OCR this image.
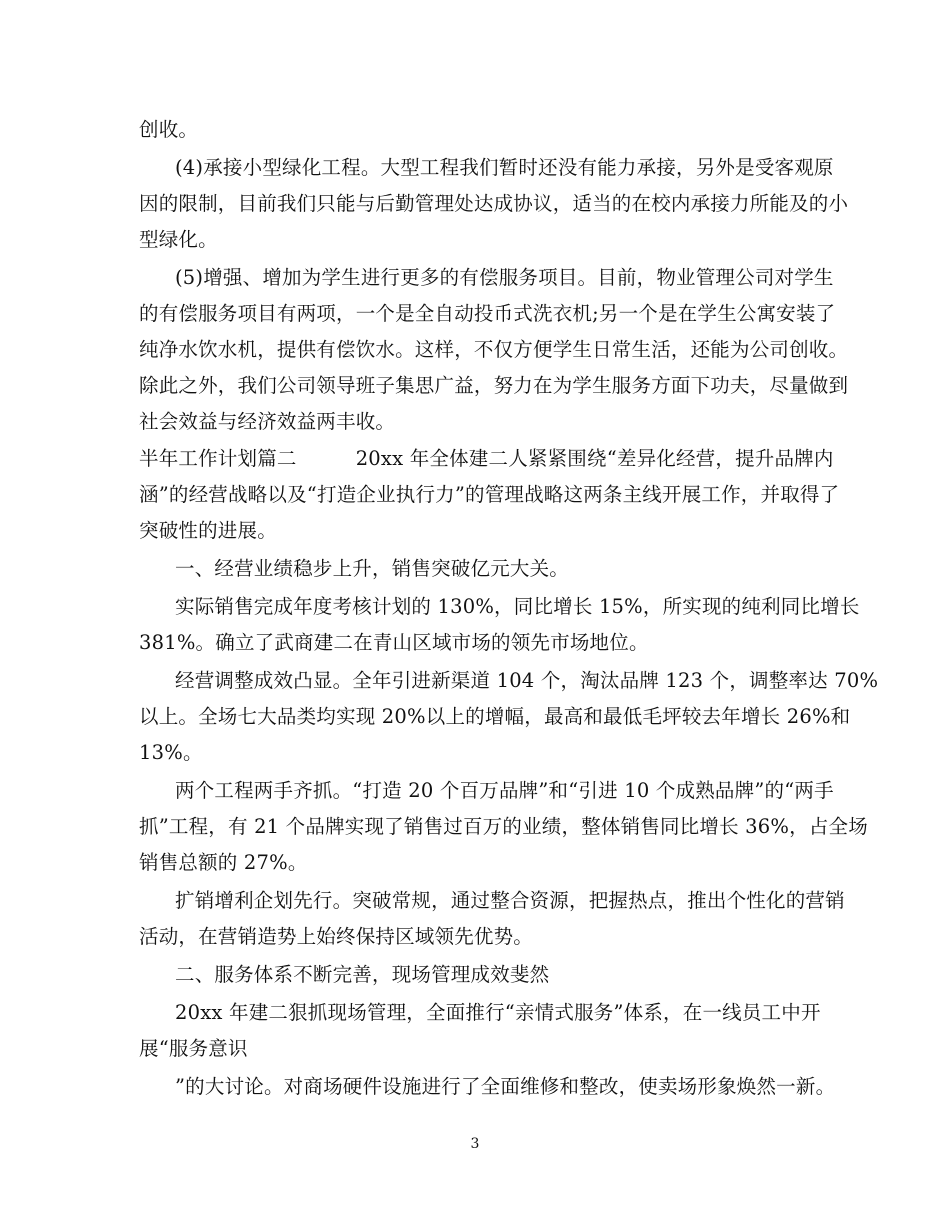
创收。
(4)承接小型绿化工程。大型工程我们暂时还没有能力承接，另外是受客观原
因的限制，目前我们只能与后勤管理处达成协议，适当的在校内承接力所能及的小
型绿化。
(5)增强、增加为学生进行更多的有偿服务项目。目前，物业管理公司对学生
的有偿服务项目有两项，一个是全自动投币式洗衣机;另一个是在学生公寓安装了
纯净水饮水机，提供有偿饮水。这样，不仅方便学生日常生活，还能为公司创收。
除此之外，我们公司领导班子集思广益，努力在为学生服务方面下功夫，尽量做到
社会效益与经济效益两丰收。
半年工作计划篇二　　　20xx 年全体建二人紧紧围绕“差异化经营，提升品牌内
涵”的经营战略以及“打造企业执行力”的管理战略这两条主线开展工作，并取得了
突破性的进展。
一、经营业绩稳步上升，销售突破亿元大关。
实际销售完成年度考核计划的 130%，同比增长 15%，所实现的纯利同比增长
381%。确立了武商建二在青山区域市场的领先市场地位。
经营调整成效凸显。全年引进新渠道 104 个，淘汰品牌 123 个，调整率达 70%
以上。全场七大品类均实现 20%以上的增幅，最高和最低毛坪较去年增长 26%和
13%。
两个工程两手齐抓。“打造 20 个百万品牌”和“引进 10 个成熟品牌”的“两手
抓”工程，有 21 个品牌实现了销售过百万的业绩，整体销售同比增长 36%，占全场
销售总额的 27%。
扩销增利企划先行。突破常规，通过整合资源，把握热点，推出个性化的营销
活动，在营销造势上始终保持区域领先优势。
二、服务体系不断完善，现场管理成效斐然
20xx 年建二狠抓现场管理，全面推行“亲情式服务”体系，在一线员工中开
展“服务意识
”的大讨论。对商场硬件设施进行了全面维修和整改，使卖场形象焕然一新。
3
